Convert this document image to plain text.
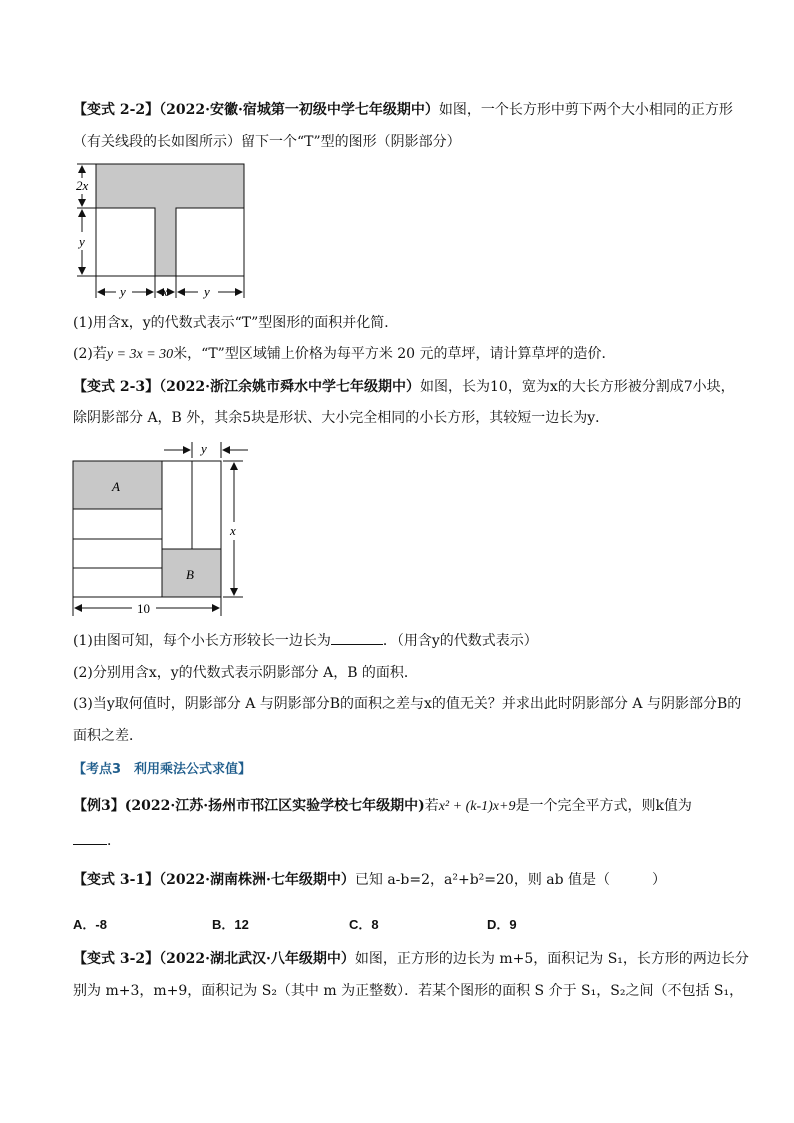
【变式 2-2】（2022·安徽·宿城第一初级中学七年级期中）如图，一个长方形中剪下两个大小相同的正方形
（有关线段的长如图所示）留下一个“T”型的图形（阴影部分）
2x
y
y	x	y
(1)用含x，y的代数式表示“T”型图形的面积并化简．
(2)若y = 3x = 30米，“T”型区域铺上价格为每平方米 20 元的草坪，请计算草坪的造价．
【变式 2-3】（2022·浙江余姚市舜水中学七年级期中）如图，长为10，宽为x的大长方形被分割成7小块，
除阴影部分 A，B 外，其余5块是形状、大小完全相同的小长方形，其较短一边长为y．
A
B
y
x
10
(1)由图可知，每个小长方形较长一边长为	．（用含y的代数式表示）
(2)分别用含x，y的代数式表示阴影部分 A，B 的面积．
(3)当y取何值时，阴影部分 A 与阴影部分B的面积之差与x的值无关？并求出此时阴影部分 A 与阴影部分B的
面积之差．
【考点3　利用乘法公式求值】
【例3】(2022·江苏·扬州市邗江区实验学校七年级期中)若x² + (k-1)x+9是一个完全平方式，则k值为
．
【变式 3-1】（2022·湖南株洲·七年级期中）已知 a-b=2，a²+b²=20，则 ab 值是（　　　）
A．-8	B．12	C．8	D．9
【变式 3-2】（2022·湖北武汉·八年级期中）如图，正方形的边长为 m+5，面积记为 S₁，长方形的两边长分
别为 m+3，m+9，面积记为 S₂（其中 m 为正整数）．若某个图形的面积 S 介于 S₁，S₂之间（不包括 S₁，
